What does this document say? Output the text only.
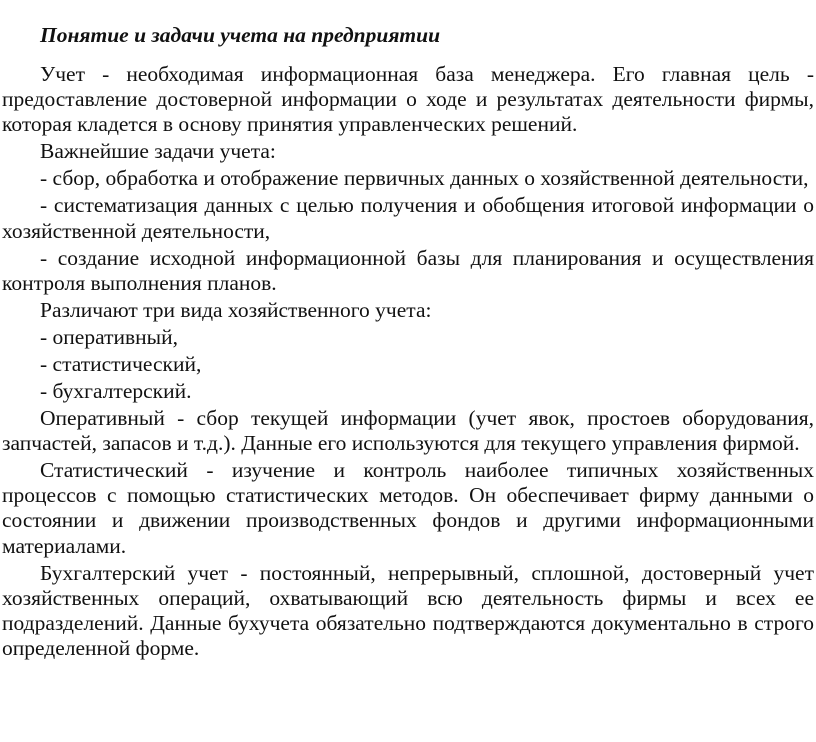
Понятие и задачи учета на предприятии

Учет - необходимая информационная база менеджера. Его главная цель - предоставление достоверной информации о ходе и результатах деятельности фирмы, которая кладется в основу принятия управленческих решений.

Важнейшие задачи учета:

- сбор, обработка и отображение первичных данных о хозяйственной деятельности,

- систематизация данных с целью получения и обобщения итоговой информации о хозяйственной деятельности,

- создание исходной информационной базы для планирования и осуществления контроля выполнения планов.

Различают три вида хозяйственного учета:

- оперативный,

- статистический,

- бухгалтерский.

Оперативный - сбор текущей информации (учет явок, простоев оборудования, запчастей, запасов и т.д.). Данные его используются для текущего управления фирмой.

Статистический - изучение и контроль наиболее типичных хозяйственных процессов с помощью статистических методов. Он обеспечивает фирму данными о состоянии и движении производственных фондов и другими информационными материалами.

Бухгалтерский учет - постоянный, непрерывный, сплошной, достоверный учет хозяйственных операций, охватывающий всю деятельность фирмы и всех ее подразделений. Данные бухучета обязательно подтверждаются документально в строго определенной форме.
